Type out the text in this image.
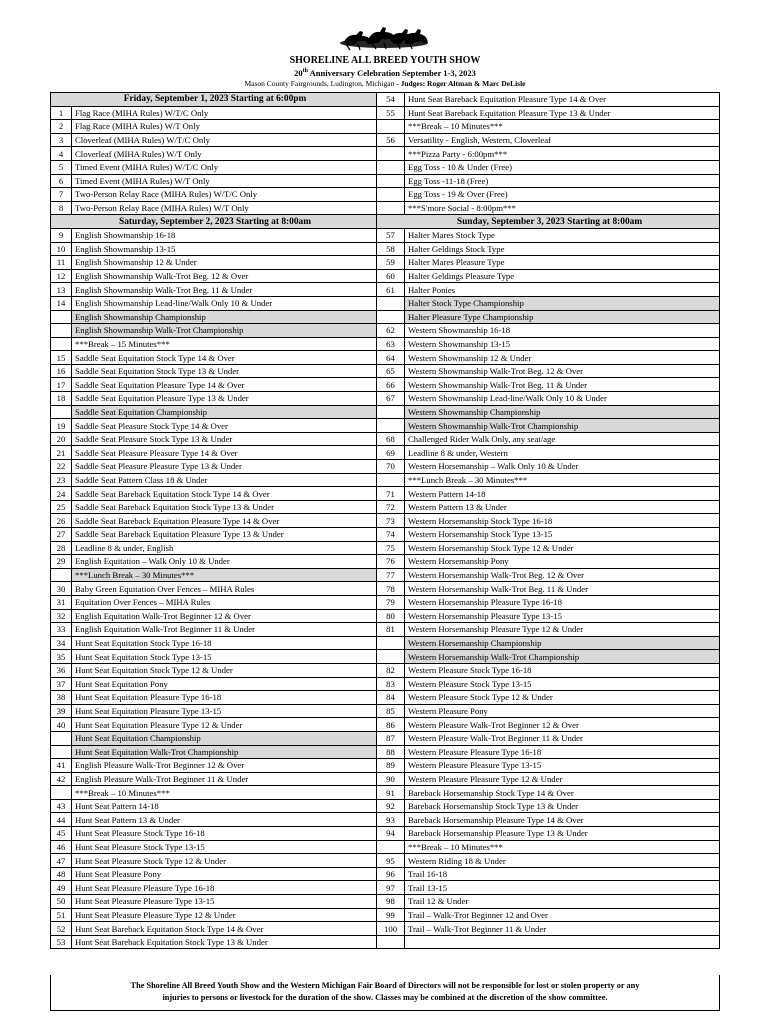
SHORELINE ALL BREED YOUTH SHOW
20th Anniversary Celebration September 1-3, 2023
Mason County Fairgrounds, Ludington, Michigan - Judges: Roger Altman & Marc DeLisle
Friday, September 1, 2023 Starting at 6:00pm		54	Hunt Seat Bareback Equitation Pleasure Type 14 & Over
1	Flag Race (MIHA Rules) W/T/C Only	55	Hunt Seat Bareback Equitation Pleasure Type 13 & Under
2	Flag Race (MIHA Rules) W/T Only		***Break – 10 Minutes***
3	Cloverleaf (MIHA Rules) W/T/C Only	56	Versatility - English, Western, Cloverleaf
4	Cloverleaf (MIHA Rules) W/T Only		***Pizza Party - 6:00pm***
5	Timed Event (MIHA Rules) W/T/C Only		Egg Toss - 10 & Under (Free)
6	Timed Event (MIHA Rules) W/T Only		Egg Toss -11-18 (Free)
7	Two-Person Relay Race (MIHA Rules) W/T/C Only		Egg Toss - 19 & Over (Free)
8	Two-Person Relay Race (MIHA Rules) W/T Only		***S'more Social - 8:00pm***
Saturday, September 2, 2023 Starting at 8:00am		Sunday, September 3, 2023 Starting at 8:00am	
9	English Showmanship 16-18	57	Halter Mares Stock Type
10	English Showmanship 13-15	58	Halter Geldings Stock Type
11	English Showmanship 12 & Under	59	Halter Mares Pleasure Type
12	English Showmanship Walk-Trot Beg. 12 & Over	60	Halter Geldings Pleasure Type
13	English Showmanship Walk-Trot Beg. 11 & Under	61	Halter Ponies
14	English Showmanship Lead-line/Walk Only 10 & Under		Halter Stock Type Championship
	English Showmanship Championship		Halter Pleasure Type Championship
	English Showmanship Walk-Trot Championship	62	Western Showmanship 16-18
	***Break – 15 Minutes***	63	Western Showmanship 13-15
15	Saddle Seat Equitation Stock Type 14 & Over	64	Western Showmanship 12 & Under
16	Saddle Seat Equitation Stock Type 13 & Under	65	Western Showmanship Walk-Trot Beg. 12 & Over
17	Saddle Seat Equitation Pleasure Type 14 & Over	66	Western Showmanship Walk-Trot Beg. 11 & Under
18	Saddle Seat Equitation Pleasure Type 13 & Under	67	Western Showmanship Lead-line/Walk Only 10 & Under
	Saddle Seat Equitation Championship		Western Showmanship Championship
19	Saddle Seat Pleasure Stock Type 14 & Over		Western Showmanship Walk-Trot Championship
20	Saddle Seat Pleasure Stock Type 13 & Under	68	Challenged Rider Walk Only, any seat/age
21	Saddle Seat Pleasure Pleasure Type 14 & Over	69	Leadline 8 & under, Western
22	Saddle Seat Pleasure Pleasure Type 13 & Under	70	Western Horsemanship – Walk Only 10 & Under
23	Saddle Seat Pattern Class 18 & Under		***Lunch Break – 30 Minutes***
24	Saddle Seat Bareback Equitation Stock Type 14 & Over	71	Western Pattern 14-18
25	Saddle Seat Bareback Equitation Stock Type 13 & Under	72	Western Pattern 13 & Under
26	Saddle Seat Bareback Equitation Pleasure Type 14 & Over	73	Western Horsemanship Stock Type 16-18
27	Saddle Seat Bareback Equitation Pleasure Type 13 & Under	74	Western Horsemanship Stock Type 13-15
28	Leadline 8 & under, English	75	Western Horsemanship Stock Type 12 & Under
29	English Equitation – Walk Only 10 & Under	76	Western Horsemanship Pony
	***Lunch Break – 30 Minutes***	77	Western Horsemanship Walk-Trot Beg. 12 & Over
30	Baby Green Equitation Over Fences – MIHA Rules	78	Western Horsemanship Walk-Trot Beg. 11 & Under
31	Equitation Over Fences – MIHA Rules	79	Western Horsemanship Pleasure Type 16-18
32	English Equitation Walk-Trot Beginner 12 & Over	80	Western Horsemanship Pleasure Type 13-15
33	English Equitation Walk-Trot Beginner 11 & Under	81	Western Horsemanship Pleasure Type 12 & Under
34	Hunt Seat Equitation Stock Type 16-18		Western Horsemanship Championship
35	Hunt Seat Equitation Stock Type 13-15		Western Horsemanship Walk-Trot Championship
36	Hunt Seat Equitation Stock Type 12 & Under	82	Western Pleasure Stock Type 16-18
37	Hunt Seat Equitation Pony	83	Western Pleasure Stock Type 13-15
38	Hunt Seat Equitation Pleasure Type 16-18	84	Western Pleasure Stock Type 12 & Under
39	Hunt Seat Equitation Pleasure Type 13-15	85	Western Pleasure Pony
40	Hunt Seat Equitation Pleasure Type 12 & Under	86	Western Pleasure Walk-Trot Beginner 12 & Over
	Hunt Seat Equitation Championship	87	Western Pleasure Walk-Trot Beginner 11 & Under
	Hunt Seat Equitation Walk-Trot Championship	88	Western Pleasure Pleasure Type 16-18
41	English Pleasure Walk-Trot Beginner 12 & Over	89	Western Pleasure Pleasure Type 13-15
42	English Pleasure Walk-Trot Beginner 11 & Under	90	Western Pleasure Pleasure Type 12 & Under
	***Break – 10 Minutes***	91	Bareback Horsemanship Stock Type 14 & Over
43	Hunt Seat Pattern 14-18	92	Bareback Horsemanship Stock Type 13 & Under
44	Hunt Seat Pattern 13 & Under	93	Bareback Horsemanship Pleasure Type 14 & Over
45	Hunt Seat Pleasure Stock Type 16-18	94	Bareback Horsemanship Pleasure Type 13 & Under
46	Hunt Seat Pleasure Stock Type 13-15		***Break – 10 Minutes***
47	Hunt Seat Pleasure Stock Type 12 & Under	95	Western Riding 18 & Under
48	Hunt Seat Pleasure Pony	96	Trail 16-18
49	Hunt Seat Pleasure Pleasure Type 16-18	97	Trail 13-15
50	Hunt Seat Pleasure Pleasure Type 13-15	98	Trail 12 & Under
51	Hunt Seat Pleasure Pleasure Type 12 & Under	99	Trail – Walk-Trot Beginner 12 and Over
52	Hunt Seat Bareback Equitation Stock Type 14 & Over	100	Trail – Walk-Trot Beginner 11 & Under
53	Hunt Seat Bareback Equitation Stock Type 13 & Under		
The Shoreline All Breed Youth Show and the Western Michigan Fair Board of Directors will not be responsible for lost or stolen property or any
injuries to persons or livestock for the duration of the show. Classes may be combined at the discretion of the show committee.
